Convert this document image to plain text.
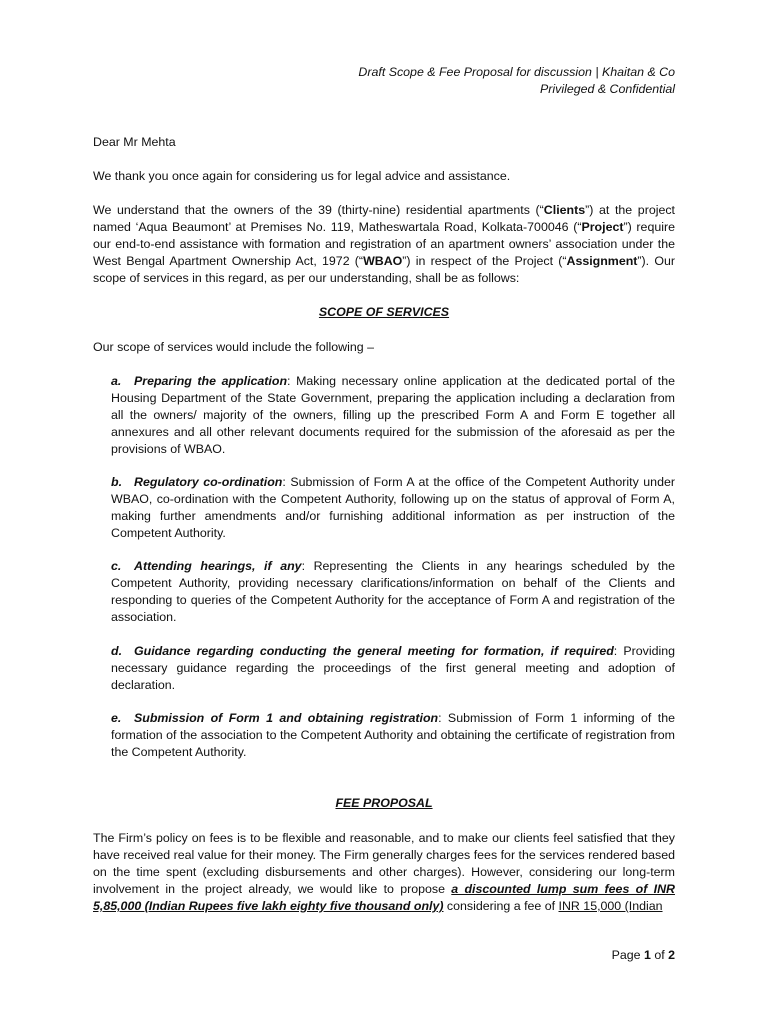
Draft Scope & Fee Proposal for discussion | Khaitan & Co
Privileged & Confidential
Dear Mr Mehta
We thank you once again for considering us for legal advice and assistance.
We understand that the owners of the 39 (thirty-nine) residential apartments (“Clients”) at the project named ‘Aqua Beaumont’ at Premises No. 119, Matheswartala Road, Kolkata-700046 (“Project”) require our end-to-end assistance with formation and registration of an apartment owners’ association under the West Bengal Apartment Ownership Act, 1972 (“WBAO”) in respect of the Project (“Assignment”). Our scope of services in this regard, as per our understanding, shall be as follows:
SCOPE OF SERVICES
Our scope of services would include the following –
a. Preparing the application: Making necessary online application at the dedicated portal of the Housing Department of the State Government, preparing the application including a declaration from all the owners/ majority of the owners, filling up the prescribed Form A and Form E together all annexures and all other relevant documents required for the submission of the aforesaid as per the provisions of WBAO.
b. Regulatory co-ordination: Submission of Form A at the office of the Competent Authority under WBAO, co-ordination with the Competent Authority, following up on the status of approval of Form A, making further amendments and/or furnishing additional information as per instruction of the Competent Authority.
c. Attending hearings, if any: Representing the Clients in any hearings scheduled by the Competent Authority, providing necessary clarifications/information on behalf of the Clients and responding to queries of the Competent Authority for the acceptance of Form A and registration of the association.
d. Guidance regarding conducting the general meeting for formation, if required: Providing necessary guidance regarding the proceedings of the first general meeting and adoption of declaration.
e. Submission of Form 1 and obtaining registration: Submission of Form 1 informing of the formation of the association to the Competent Authority and obtaining the certificate of registration from the Competent Authority.
FEE PROPOSAL
The Firm’s policy on fees is to be flexible and reasonable, and to make our clients feel satisfied that they have received real value for their money. The Firm generally charges fees for the services rendered based on the time spent (excluding disbursements and other charges). However, considering our long-term involvement in the project already, we would like to propose a discounted lump sum fees of INR 5,85,000 (Indian Rupees five lakh eighty five thousand only) considering a fee of INR 15,000 (Indian
Page 1 of 2
